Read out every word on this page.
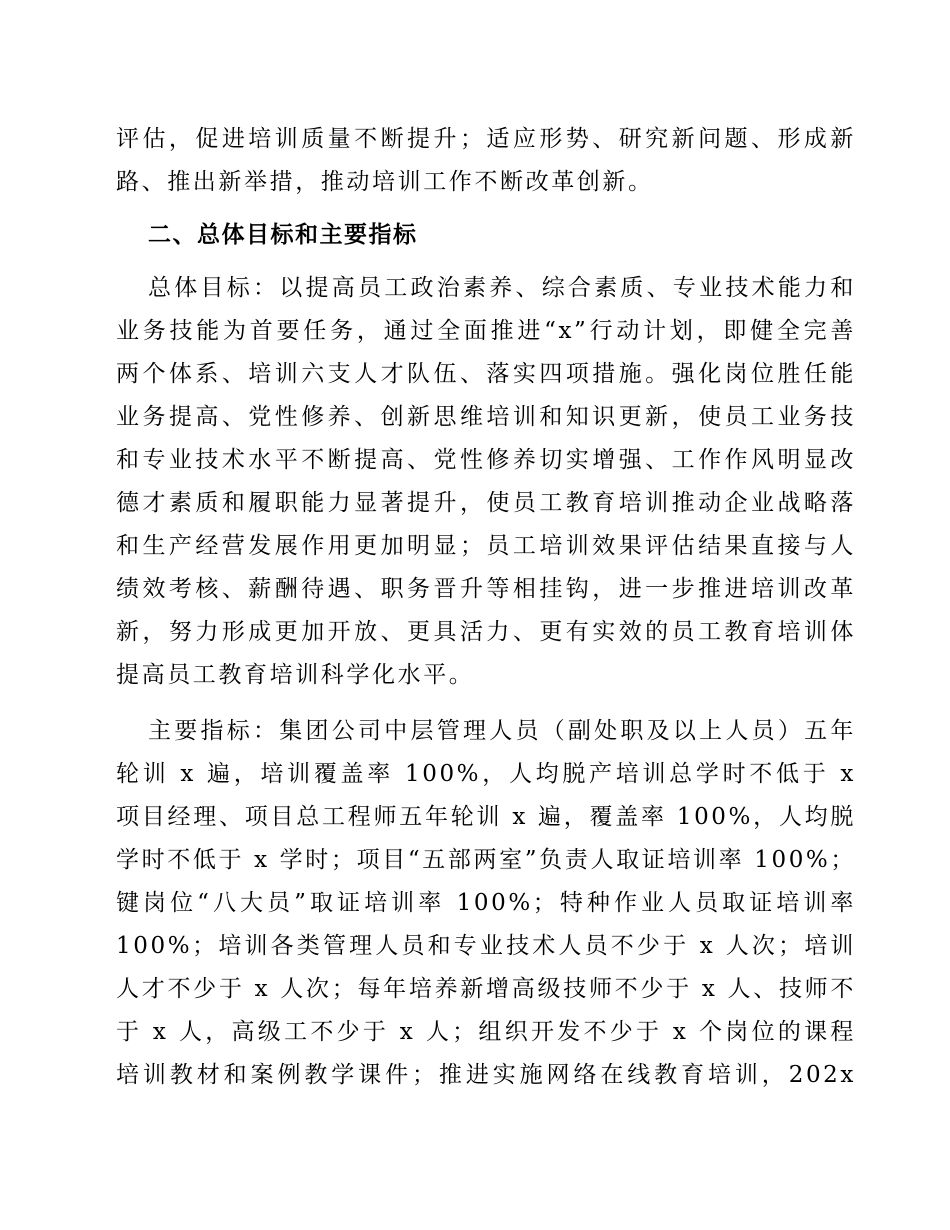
评估，促进培训质量不断提升；适应形势、研究新问题、形成新
路、推出新举措，推动培训工作不断改革创新。
二、总体目标和主要指标
总体目标：以提高员工政治素养、综合素质、专业技术能力和
业务技能为首要任务，通过全面推进“x”行动计划，即健全完善
两个体系、培训六支人才队伍、落实四项措施。强化岗位胜任能
业务提高、党性修养、创新思维培训和知识更新，使员工业务技
和专业技术水平不断提高、党性修养切实增强、工作作风明显改
德才素质和履职能力显著提升，使员工教育培训推动企业战略落
和生产经营发展作用更加明显；员工培训效果评估结果直接与人
绩效考核、薪酬待遇、职务晋升等相挂钩，进一步推进培训改革
新，努力形成更加开放、更具活力、更有实效的员工教育培训体
提高员工教育培训科学化水平。
主要指标：集团公司中层管理人员（副处职及以上人员）五年
轮训 x 遍，培训覆盖率 100%，人均脱产培训总学时不低于 x
项目经理、项目总工程师五年轮训 x 遍，覆盖率 100%，人均脱
学时不低于 x 学时；项目“五部两室”负责人取证培训率 100%；
键岗位“八大员”取证培训率 100%；特种作业人员取证培训率
100%；培训各类管理人员和专业技术人员不少于 x 人次；培训
人才不少于 x 人次；每年培养新增高级技师不少于 x 人、技师不
于 x 人，高级工不少于 x 人；组织开发不少于 x 个岗位的课程
培训教材和案例教学课件；推进实施网络在线教育培训，202x
